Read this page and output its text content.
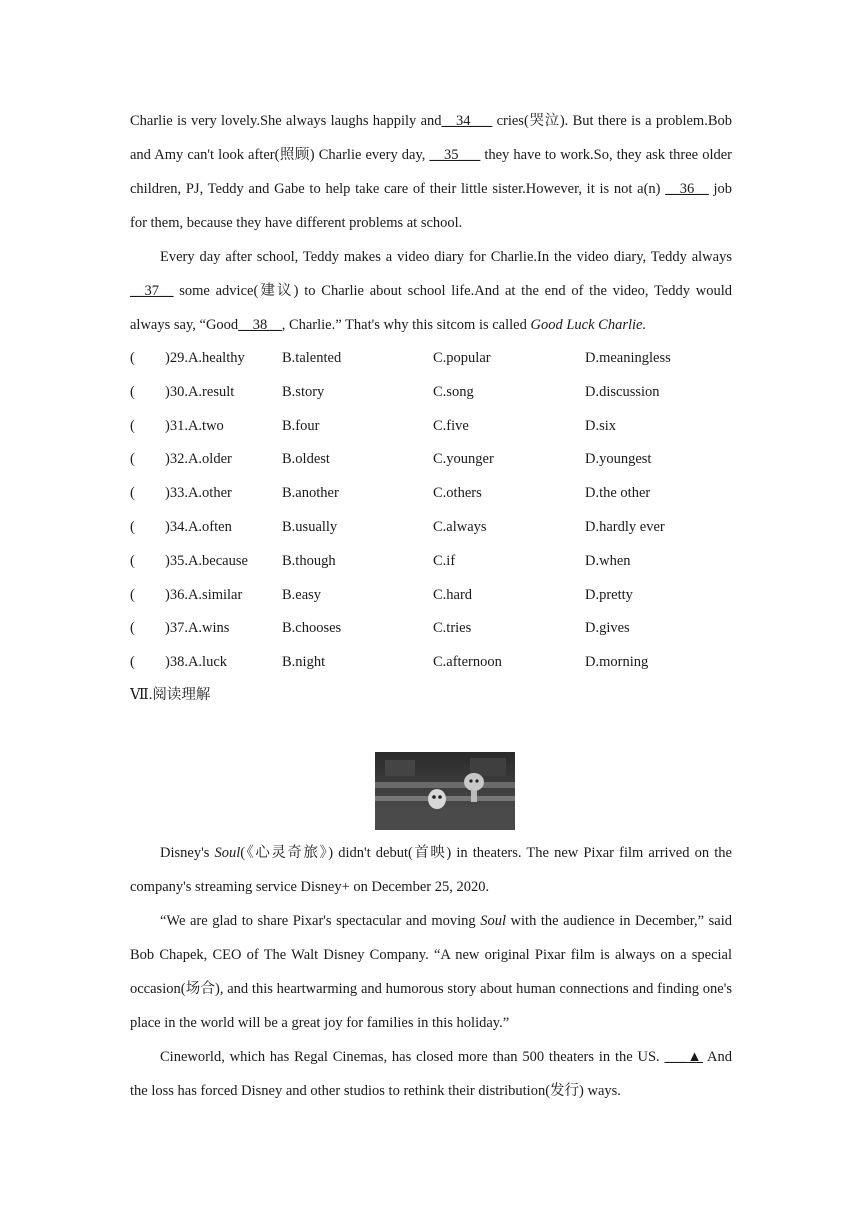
Charlie is very lovely.She always laughs happily and__34___ cries(哭泣). But there is a problem.Bob and Amy can't look after(照顾) Charlie every day, __35___ they have to work.So, they ask three older children, PJ, Teddy and Gabe to help take care of their little sister.However, it is not a(n) __36__ job for them, because they have different problems at school.

Every day after school, Teddy makes a video diary for Charlie.In the video diary, Teddy always __37__ some advice(建议) to Charlie about school life.And at the end of the video, Teddy would always say, “Good__38__, Charlie.” That's why this sitcom is called Good Luck Charlie.

( )29.A.healthy	B.talented	C.popular	D.meaningless
( )30.A.result	B.story	C.song	D.discussion
( )31.A.two	B.four	C.five	D.six
( )32.A.older	B.oldest	C.younger	D.youngest
( )33.A.other	B.another	C.others	D.the other
( )34.A.often	B.usually	C.always	D.hardly ever
( )35.A.because B.though	C.if	D.when
( )36.A.similar	B.easy	C.hard	D.pretty
( )37.A.wins	B.chooses	C.tries	D.gives
( )38.A.luck	B.night	C.afternoon	D.morning
Ⅶ.阅读理解

Disney's Soul(《心灵奇旅》) didn't debut(首映) in theaters. The new Pixar film arrived on the company's streaming service Disney+ on December 25, 2020.

“We are glad to share Pixar's spectacular and moving Soul with the audience in December,” said Bob Chapek, CEO of The Walt Disney Company. “A new original Pixar film is always on a special occasion(场合), and this heartwarming and humorous story about human connections and finding one's place in the world will be a great joy for families in this holiday.”

Cineworld, which has Regal Cinemas, has closed more than 500 theaters in the US. ___▲ And the loss has forced Disney and other studios to rethink their distribution(发行) ways.
